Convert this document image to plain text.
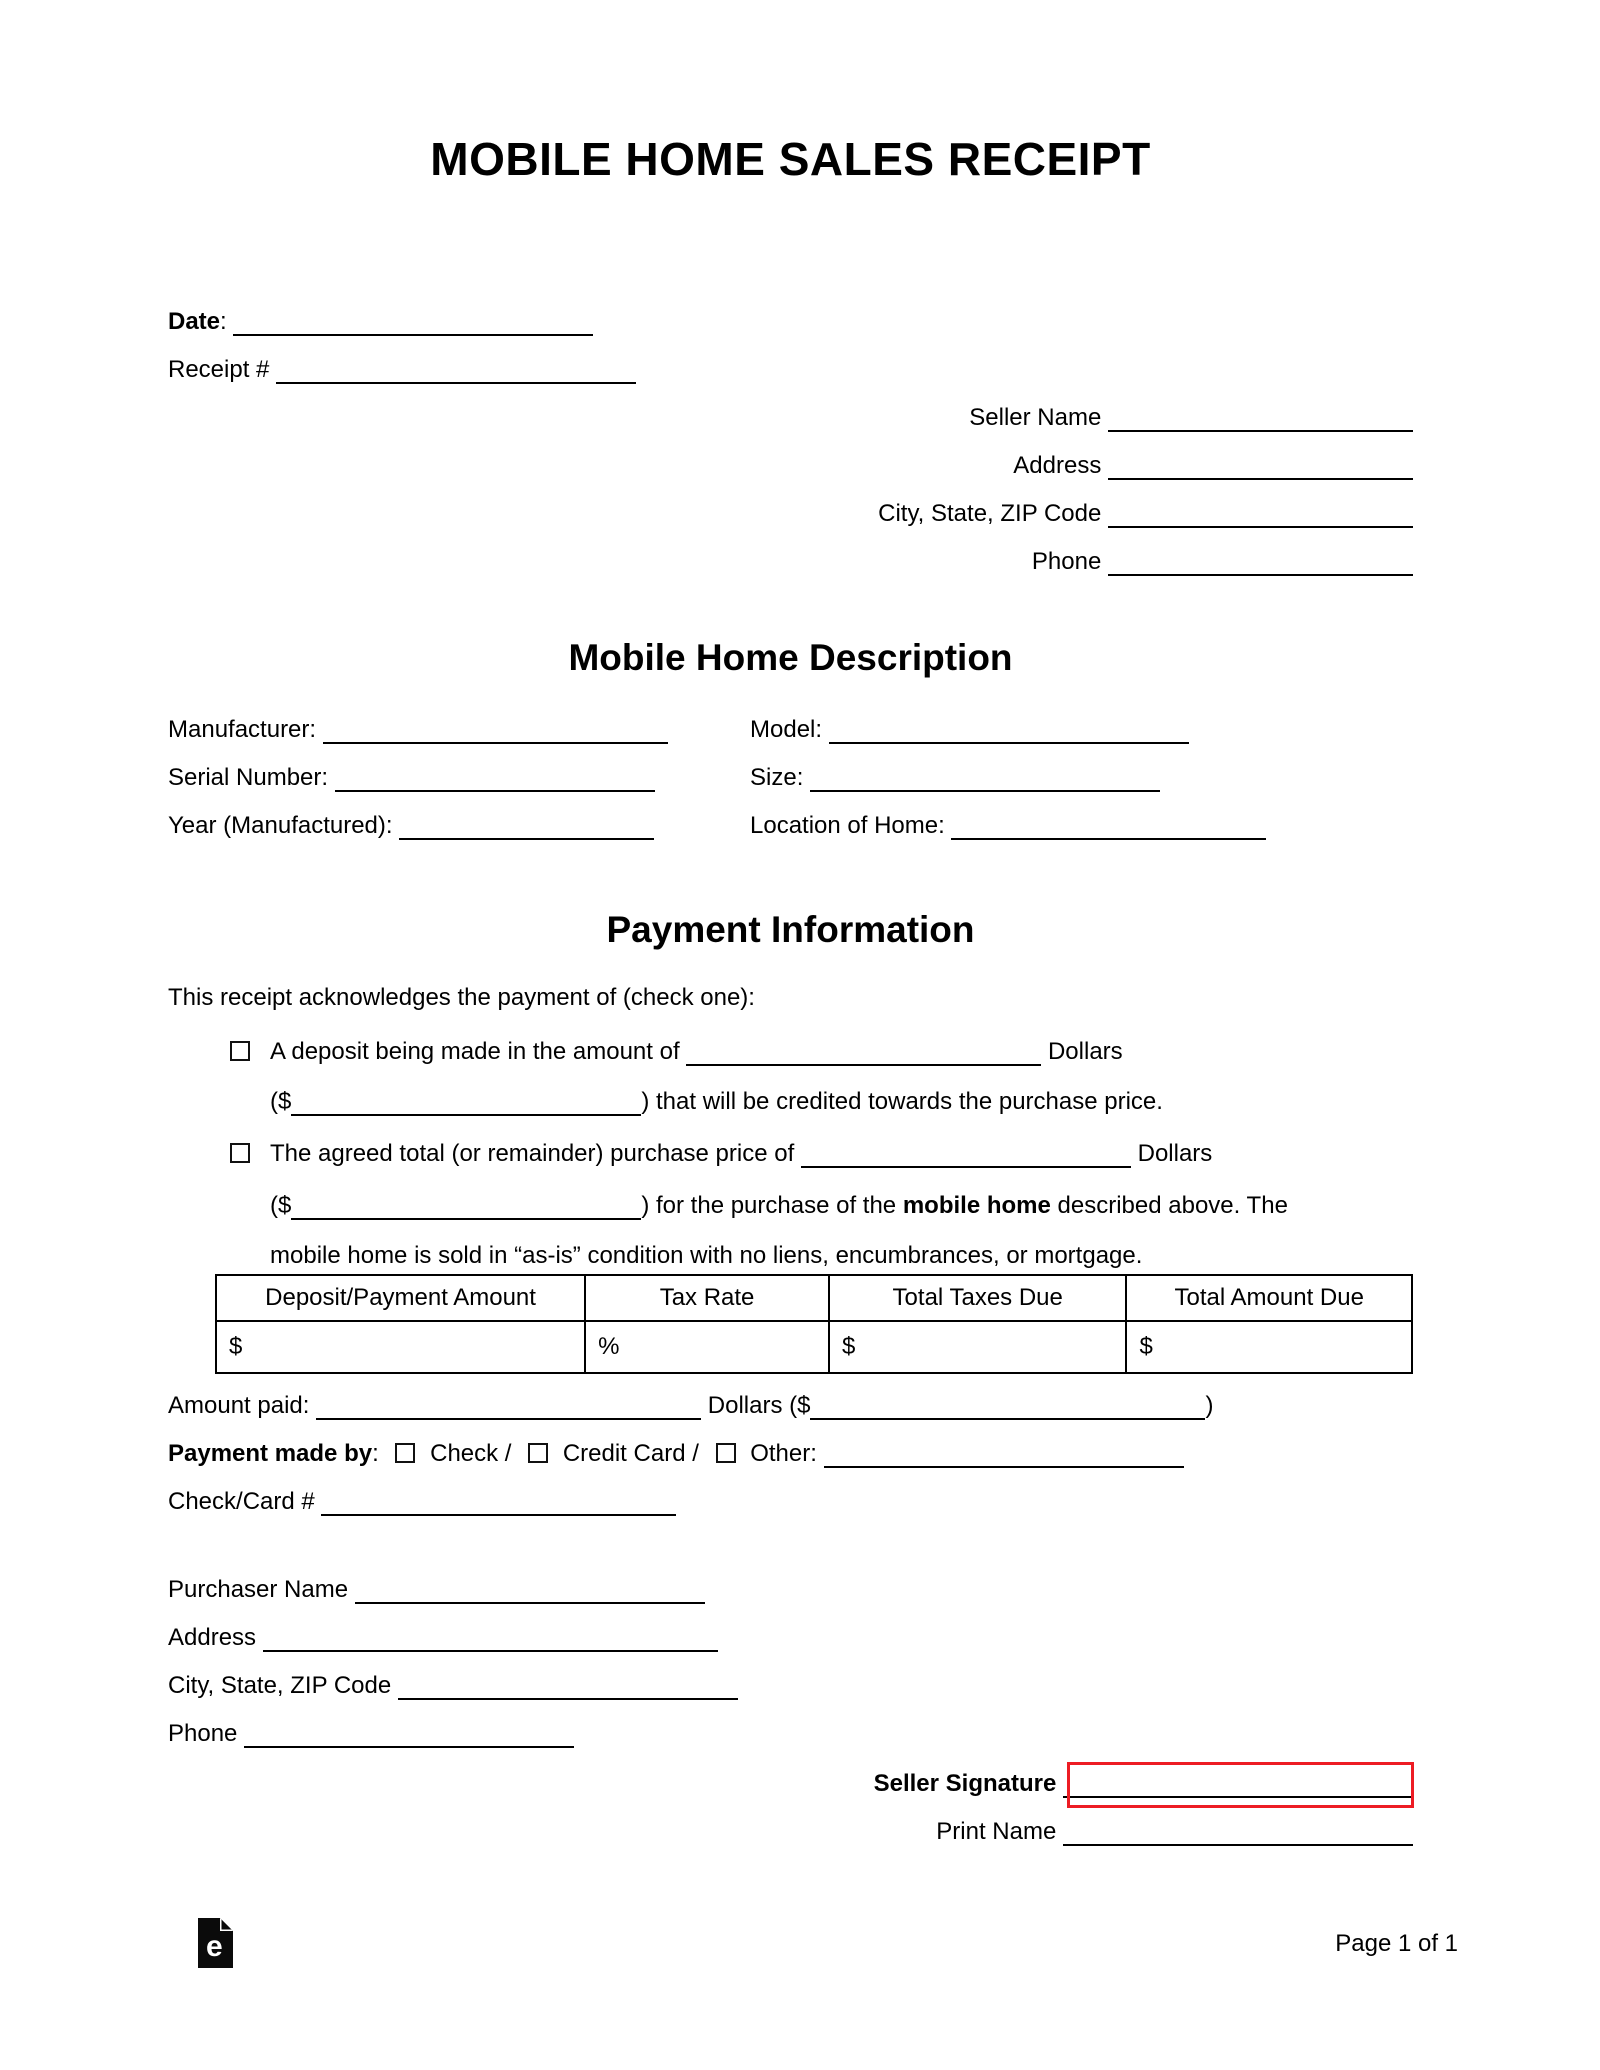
MOBILE HOME SALES RECEIPT
Date:
Receipt #
Seller Name
Address
City, State, ZIP Code
Phone
Mobile Home Description
Manufacturer:	Model:
Serial Number:	Size:
Year (Manufactured):	Location of Home:
Payment Information
This receipt acknowledges the payment of (check one):
A deposit being made in the amount of	Dollars
($	) that will be credited towards the purchase price.
The agreed total (or remainder) purchase price of	Dollars
($	) for the purchase of the mobile home described above. The
mobile home is sold in “as-is” condition with no liens, encumbrances, or mortgage.
Deposit/Payment Amount	Tax Rate	Total Taxes Due	Total Amount Due
$	%	$	$
Amount paid:	Dollars ($	)
Payment made by: Check / Credit Card / Other:
Check/Card #
Purchaser Name
Address
City, State, ZIP Code
Phone
Seller Signature
Print Name
e	Page 1 of 1
